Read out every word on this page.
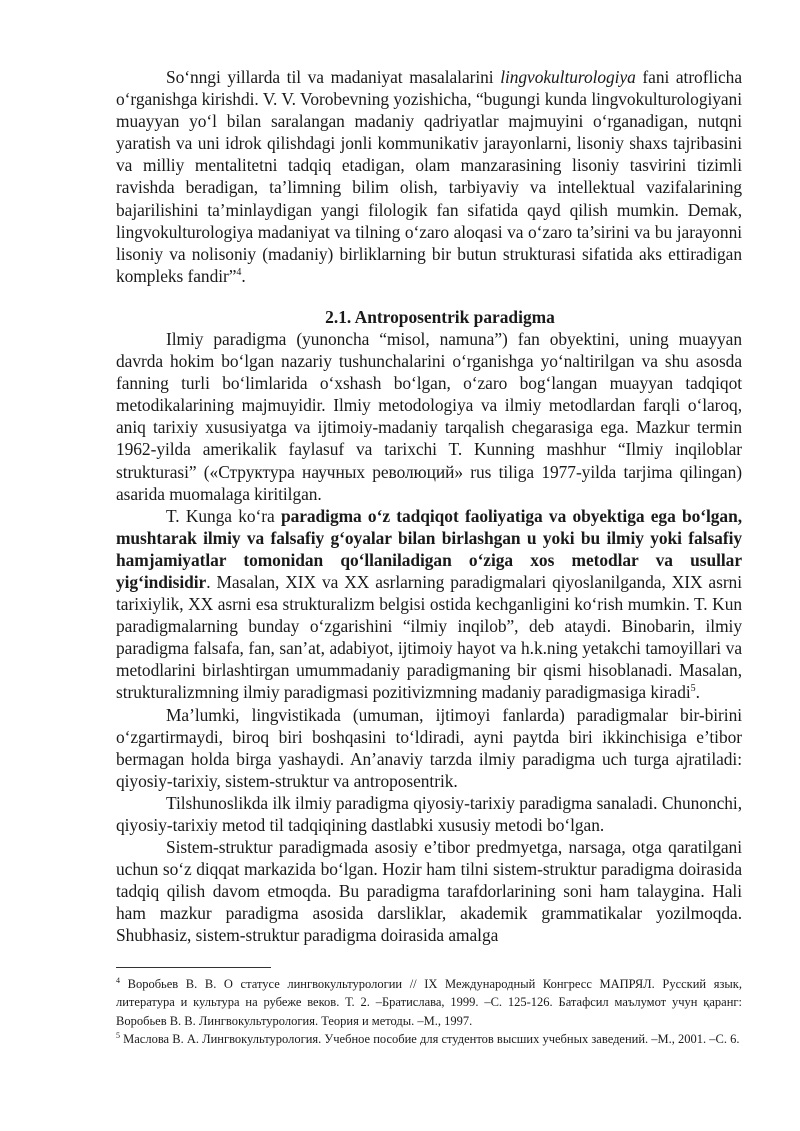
So‘nngi yillarda til va madaniyat masalalarini lingvokulturologiya fani atroflicha o‘rganishga kirishdi. V. V. Vorobevning yozishicha, “bugungi kunda lingvokulturologiyani muayyan yo‘l bilan saralangan madaniy qadriyatlar majmuyini o‘rganadigan, nutqni yaratish va uni idrok qilishdagi jonli kommunikativ jarayonlarni, lisoniy shaxs tajribasini va milliy mentalitetni tadqiq etadigan, olam manzarasining lisoniy tasvirini tizimli ravishda beradigan, ta’limning bilim olish, tarbiyaviy va intellektual vazifalarining bajarilishini ta’minlaydigan yangi filologik fan sifatida qayd qilish mumkin. Demak, lingvokulturologiya madaniyat va tilning o‘zaro aloqasi va o‘zaro ta’sirini va bu jarayonni lisoniy va nolisoniy (madaniy) birliklarning bir butun strukturasi sifatida aks ettiradigan kompleks fandir”$^4$.

2.1. Antroposentrik paradigma

Ilmiy paradigma (yunoncha “misol, namuna”) fan obyektini, uning muayyan davrda hokim bo‘lgan nazariy tushunchalarini o‘rganishga yo‘naltirilgan va shu asosda fanning turli bo‘limlarida o‘xshash bo‘lgan, o‘zaro bog‘langan muayyan tadqiqot metodikalarining majmuyidir. Ilmiy metodologiya va ilmiy metodlardan farqli o‘laroq, aniq tarixiy xususiyatga va ijtimoiy-madaniy tarqalish chegarasiga ega. Mazkur termin 1962-yilda amerikalik faylasuf va tarixchi T. Kunning mashhur “Ilmiy inqiloblar strukturasi” («Структура научных революций» rus tiliga 1977-yilda tarjima qilingan) asarida muomalaga kiritilgan.

T. Kunga ko‘ra paradigma o‘z tadqiqot faoliyatiga va obyektiga ega bo‘lgan, mushtarak ilmiy va falsafiy g‘oyalar bilan birlashgan u yoki bu ilmiy yoki falsafiy hamjamiyatlar tomonidan qo‘llaniladigan o‘ziga xos metodlar va usullar yig‘indisidir. Masalan, XIX va XX asrlarning paradigmalari qiyoslanilganda, XIX asrni tarixiylik, XX asrni esa strukturalizm belgisi ostida kechganligini ko‘rish mumkin. T. Kun paradigmalarning bunday o‘zgarishini “ilmiy inqilob”, deb ataydi. Binobarin, ilmiy paradigma falsafa, fan, san’at, adabiyot, ijtimoiy hayot va h.k.ning yetakchi tamoyillari va metodlarini birlashtirgan umummadaniy paradigmaning bir qismi hisoblanadi. Masalan, strukturalizmning ilmiy paradigmasi pozitivizmning madaniy paradigmasiga kiradi$^5$.

Ma’lumki, lingvistikada (umuman, ijtimoyi fanlarda) paradigmalar bir-birini o‘zgartirmaydi, biroq biri boshqasini to‘ldiradi, ayni paytda biri ikkinchisiga e’tibor bermagan holda birga yashaydi. An’anaviy tarzda ilmiy paradigma uch turga ajratiladi: qiyosiy-tarixiy, sistem-struktur va antroposentrik.

Tilshunoslikda ilk ilmiy paradigma qiyosiy-tarixiy paradigma sanaladi. Chunonchi, qiyosiy-tarixiy metod til tadqiqining dastlabki xususiy metodi bo‘lgan.

Sistem-struktur paradigmada asosiy e’tibor predmyetga, narsaga, otga qaratilgani uchun so‘z diqqat markazida bo‘lgan. Hozir ham tilni sistem-struktur paradigma doirasida tadqiq qilish davom etmoqda. Bu paradigma tarafdorlarining soni ham talaygina. Hali ham mazkur paradigma asosida darsliklar, akademik grammatikalar yozilmoqda. Shubhasiz, sistem-struktur paradigma doirasida amalga

$^4$ Воробьев В. В. О статусе лингвокультурологии // IX Международный Конгресс МАПРЯЛ. Русский язык, литература и культура на рубеже веков. Т. 2. –Братислава, 1999. –С. 125-126. Батафсил маълумот учун қаранг: Воробьев В. В. Лингвокультурология. Теория и методы. –М., 1997.

$^5$ Маслова В. А. Лингвокультурология. Учебное пособие для студентов высших учебных заведений. –М., 2001. –С. 6.
